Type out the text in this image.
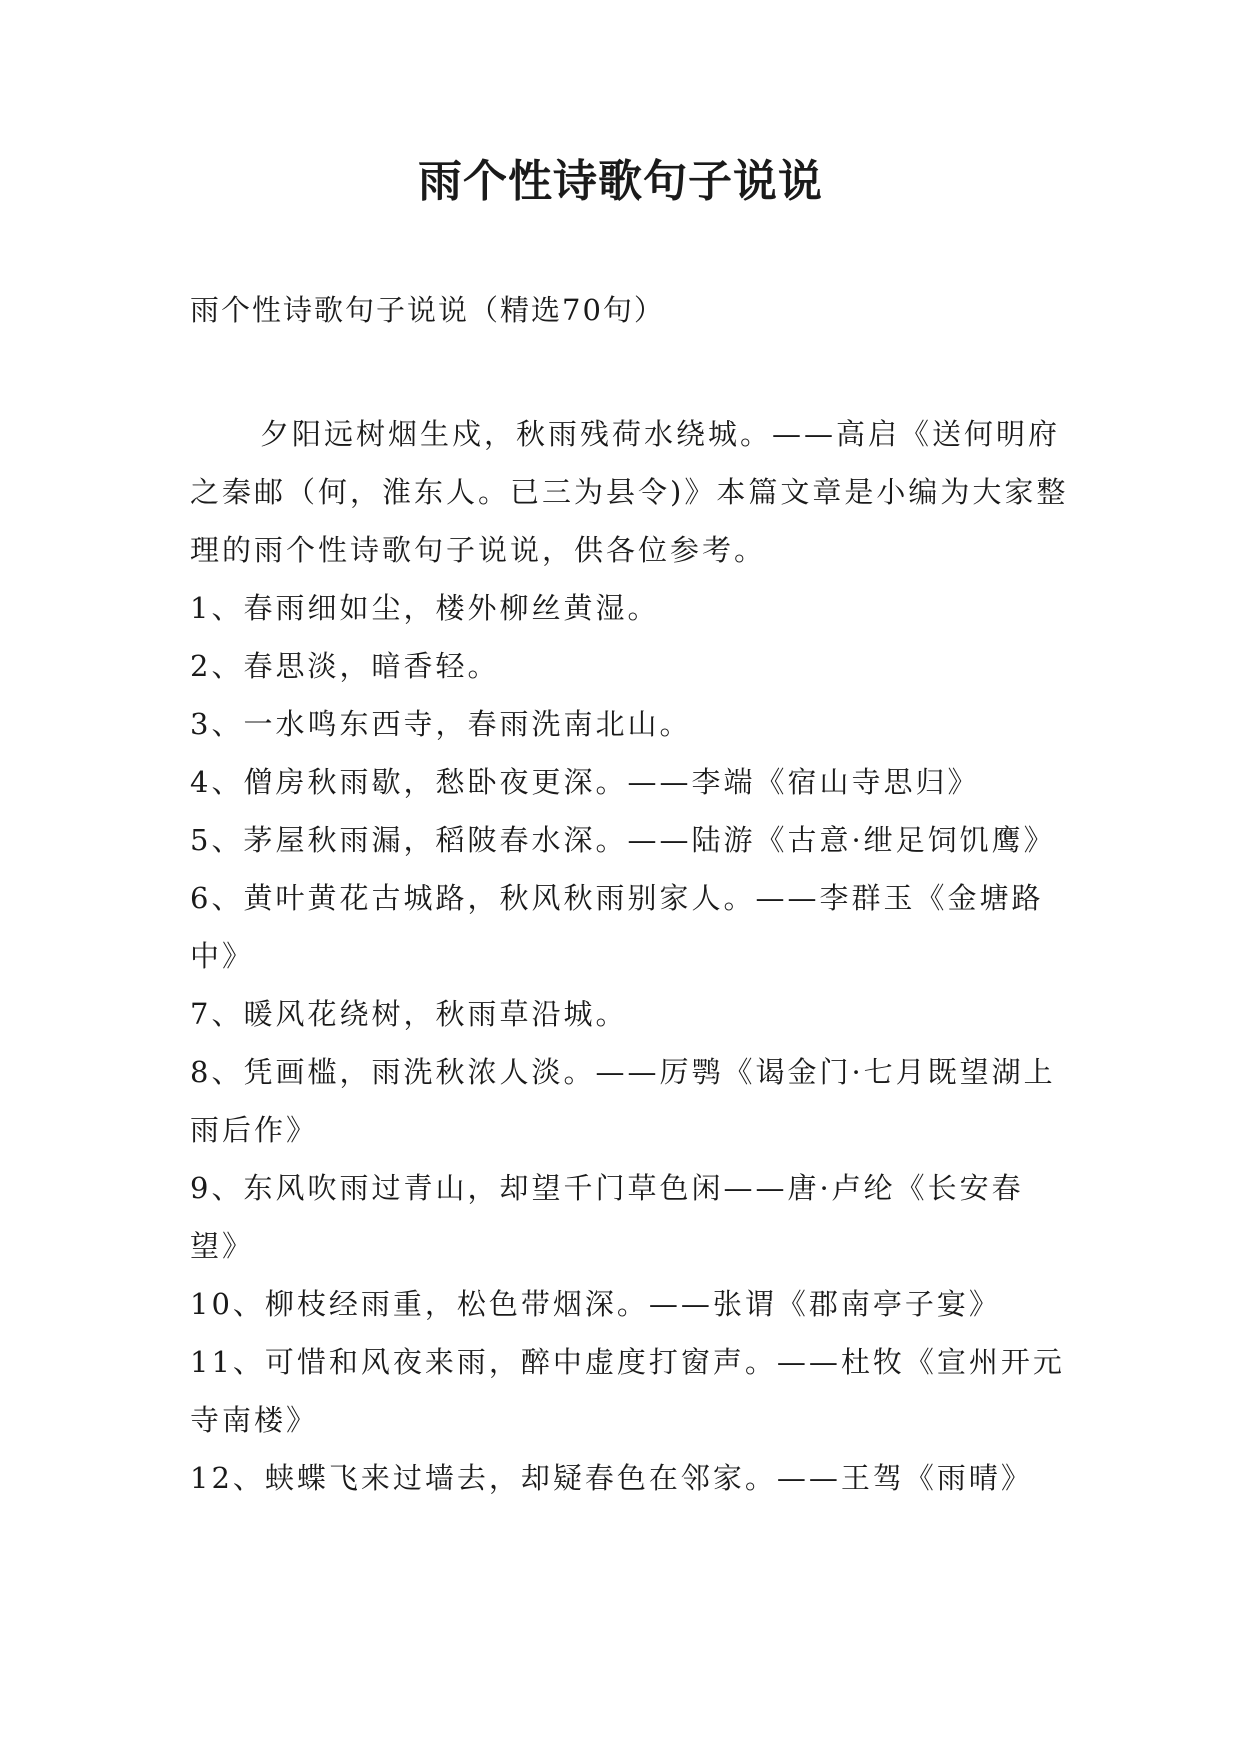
雨个性诗歌句子说说

雨个性诗歌句子说说（精选70句）

夕阳远树烟生戍，秋雨残荷水绕城。——高启《送何明府之秦邮（何，淮东人。已三为县令)》本篇文章是小编为大家整理的雨个性诗歌句子说说，供各位参考。

1、春雨细如尘，楼外柳丝黄湿。

2、春思淡，暗香轻。

3、一水鸣东西寺，春雨洗南北山。

4、僧房秋雨歇，愁卧夜更深。——李端《宿山寺思归》

5、茅屋秋雨漏，稻陂春水深。——陆游《古意·绁足饲饥鹰》

6、黄叶黄花古城路，秋风秋雨别家人。——李群玉《金塘路中》

7、暖风花绕树，秋雨草沿城。

8、凭画槛，雨洗秋浓人淡。——厉鹗《谒金门·七月既望湖上雨后作》

9、东风吹雨过青山，却望千门草色闲——唐·卢纶《长安春望》

10、柳枝经雨重，松色带烟深。——张谓《郡南亭子宴》

11、可惜和风夜来雨，醉中虚度打窗声。——杜牧《宣州开元寺南楼》

12、蛱蝶飞来过墙去，却疑春色在邻家。——王驾《雨晴》
